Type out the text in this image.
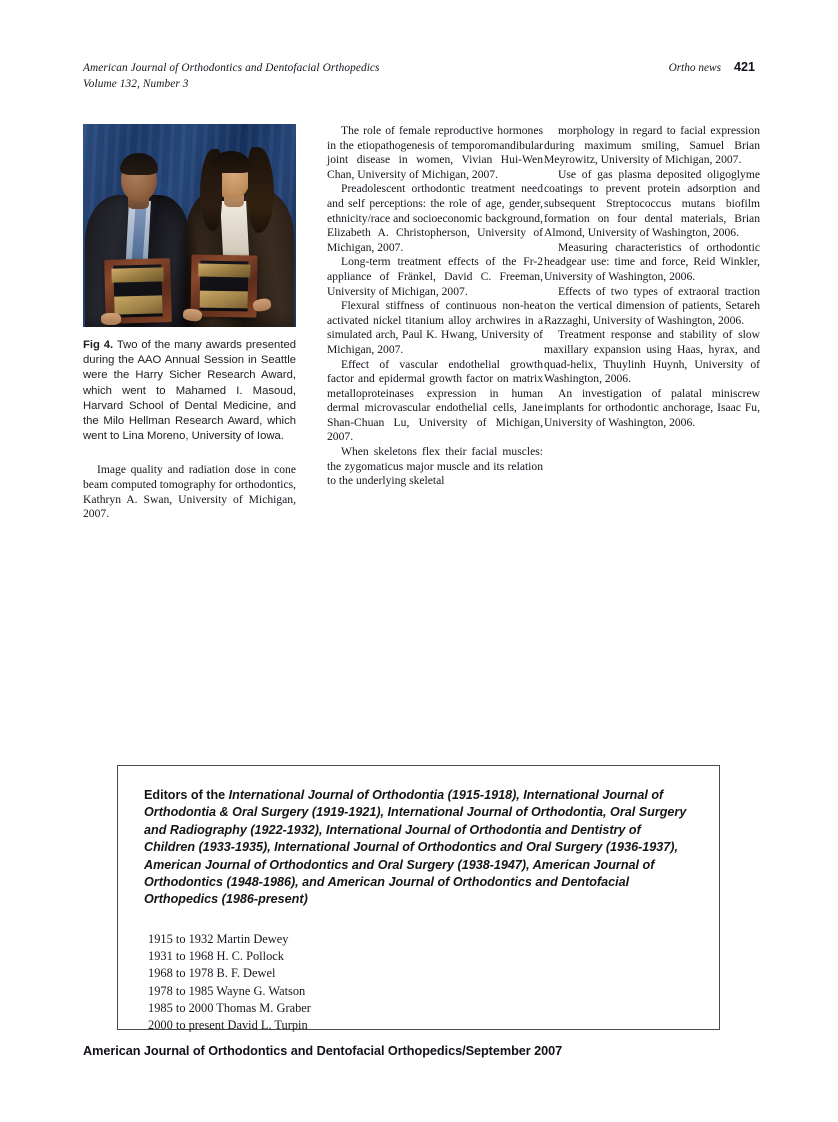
American Journal of Orthodontics and Dentofacial Orthopedics
Volume 132, Number 3
Ortho news 421
Fig 4. Two of the many awards presented during the AAO Annual Session in Seattle were the Harry Sicher Research Award, which went to Mahamed I. Masoud, Harvard School of Dental Medicine, and the Milo Hellman Research Award, which went to Lina Moreno, University of Iowa.

Image quality and radiation dose in cone beam computed tomography for orthodontics, Kathryn A. Swan, University of Michigan, 2007.

The role of female reproductive hormones in the etiopathogenesis of temporomandibular joint disease in women, Vivian Hui-Wen Chan, University of Michigan, 2007.

Preadolescent orthodontic treatment need and self perceptions: the role of age, gender, ethnicity/race and socioeconomic background, Elizabeth A. Christopherson, University of Michigan, 2007.

Long-term treatment effects of the Fr-2 appliance of Fränkel, David C. Freeman, University of Michigan, 2007.

Flexural stiffness of continuous non-heat activated nickel titanium alloy archwires in a simulated arch, Paul K. Hwang, University of Michigan, 2007.

Effect of vascular endothelial growth factor and epidermal growth factor on matrix metalloproteinases expression in human dermal microvascular endothelial cells, Jane Shan-Chuan Lu, University of Michigan, 2007.

When skeletons flex their facial muscles: the zygomaticus major muscle and its relation to the underlying skeletal

morphology in regard to facial expression during maximum smiling, Samuel Brian Meyrowitz, University of Michigan, 2007.

Use of gas plasma deposited oligoglyme coatings to prevent protein adsorption and subsequent Streptococcus mutans biofilm formation on four dental materials, Brian Almond, University of Washington, 2006.

Measuring characteristics of orthodontic headgear use: time and force, Reid Winkler, University of Washington, 2006.

Effects of two types of extraoral traction on the vertical dimension of patients, Setareh Razzaghi, University of Washington, 2006.

Treatment response and stability of slow maxillary expansion using Haas, hyrax, and quad-helix, Thuylinh Huynh, University of Washington, 2006.

An investigation of palatal miniscrew implants for orthodontic anchorage, Isaac Fu, University of Washington, 2006.

Editors of the International Journal of Orthodontia (1915-1918), International Journal of Orthodontia & Oral Surgery (1919-1921), International Journal of Orthodontia, Oral Surgery and Radiography (1922-1932), International Journal of Orthodontia and Dentistry of Children (1933-1935), International Journal of Orthodontics and Oral Surgery (1936-1937), American Journal of Orthodontics and Oral Surgery (1938-1947), American Journal of Orthodontics (1948-1986), and American Journal of Orthodontics and Dentofacial Orthopedics (1986-present)

1915 to 1932 Martin Dewey
1931 to 1968 H. C. Pollock
1968 to 1978 B. F. Dewel
1978 to 1985 Wayne G. Watson
1985 to 2000 Thomas M. Graber
2000 to present David L. Turpin
American Journal of Orthodontics and Dentofacial Orthopedics/September 2007
